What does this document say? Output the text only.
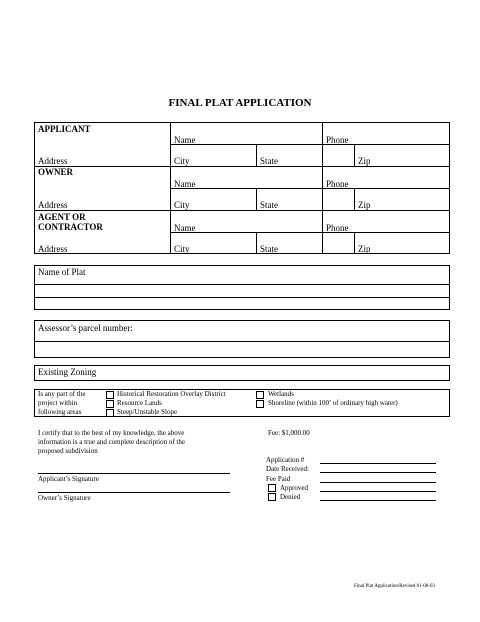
FINAL PLAT APPLICATION
APPLICANT
Name	Phone
Address	City	State	Zip
OWNER
Name	Phone
Address	City	State	Zip
AGENT OR
CONTRACTOR	Name	Phone
Address	City	State	Zip
Name of Plat
Assessor’s parcel number:
Existing Zoning
Is any part of the
project within
following areas
Historical Restoration Overlay District
Resource Lands
Steep/Unstable Slope
Wetlands
Shoreline (within 100’ of ordinary high water)
I certify that to the best of my knowledge, the above
information is a true and complete description of the
proposed subdivision
Applicant’s Signature
Owner’s Signature
Fee: $1,000.00
Application #
Date Received:
Fee Paid
Approved
Denied
Final Plat Application/Revised 01-08-03
